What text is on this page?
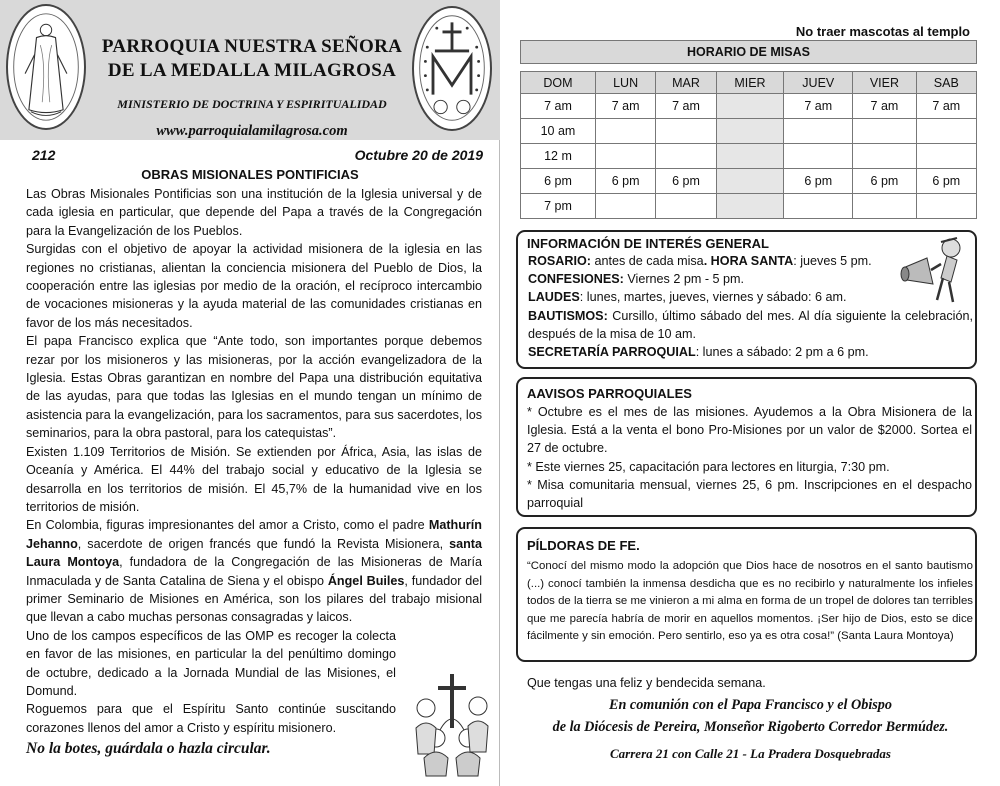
PARROQUIA NUESTRA SEÑORA
DE LA MEDALLA MILAGROSA
MINISTERIO DE DOCTRINA Y ESPIRITUALIDAD
www.parroquialamilagrosa.com
212	Octubre 20 de 2019
OBRAS MISIONALES PONTIFICIAS

Las Obras Misionales Pontificias son una institución de la Iglesia universal y de cada iglesia en particular, que depende del Papa a través de la Congregación para la Evangelización de los Pueblos.

Surgidas con el objetivo de apoyar la actividad misionera de la iglesia en las regiones no cristianas, alientan la conciencia misionera del Pueblo de Dios, la cooperación entre las iglesias por medio de la oración, el recíproco intercambio de vocaciones misioneras y la ayuda material de las comunidades cristianas en favor de los más necesitados.

El papa Francisco explica que “Ante todo, son importantes porque debemos rezar por los misioneros y las misioneras, por la acción evangelizadora de la Iglesia. Estas Obras garantizan en nombre del Papa una distribución equitativa de las ayudas, para que todas las Iglesias en el mundo tengan un mínimo de asistencia para la evangelización, para los sacramentos, para sus sacerdotes, los seminarios, para la obra pastoral, para los catequistas”.

Existen 1.109 Territorios de Misión. Se extienden por África, Asia, las islas de Oceanía y América. El 44% del trabajo social y educativo de la Iglesia se desarrolla en los territorios de misión. El 45,7% de la humanidad vive en los territorios de misión.

En Colombia, figuras impresionantes del amor a Cristo, como el padre Mathurín Jehanno, sacerdote de origen francés que fundó la Revista Misionera, santa Laura Montoya, fundadora de la Congregación de las Misioneras de María Inmaculada y de Santa Catalina de Siena y el obispo Ángel Builes, fundador del primer Seminario de Misiones en América, son los pilares del trabajo misional que llevan a cabo muchas personas consagradas y laicos.

Uno de los campos específicos de las OMP es recoger la colecta en favor de las misiones, en particular la del penúltimo domingo de octubre, dedicado a la Jornada Mundial de las Misiones, el Domund.

Roguemos para que el Espíritu Santo continúe suscitando corazones llenos del amor a Cristo y espíritu misionero.

No la botes, guárdala o hazla circular.
No traer mascotas al templo
HORARIO DE MISAS
DOM	LUN	MAR	MIER	JUEV	VIER	SAB
7 am	7 am	7 am		7 am	7 am	7 am
10 am						
12 m						
6 pm	6 pm	6 pm		6 pm	6 pm	6 pm
7 pm						
INFORMACIÓN DE INTERÉS GENERAL

ROSARIO: antes de cada misa. HORA SANTA: jueves 5 pm.

CONFESIONES: Viernes 2 pm - 5 pm.

LAUDES: lunes, martes, jueves, viernes y sábado: 6 am.

BAUTISMOS: Cursillo, último sábado del mes. Al día siguiente la celebración, después de la misa de 10 am.

SECRETARÍA PARROQUIAL: lunes a sábado: 2 pm a 6 pm.

AAVISOS PARROQUIALES

* Octubre es el mes de las misiones. Ayudemos a la Obra Misionera de la Iglesia. Está a la venta el bono Pro-Misiones por un valor de $2000. Sortea el 27 de octubre.

* Este viernes 25, capacitación para lectores en liturgia, 7:30 pm.

* Misa comunitaria mensual, viernes 25, 6 pm. Inscripciones en el despacho parroquial

PÍLDORAS DE FE.

“Conocí del mismo modo la adopción que Dios hace de nosotros en el santo bautismo (...) conocí también la inmensa desdicha que es no recibirlo y naturalmente los infieles todos de la tierra se me vinieron a mi alma en forma de un tropel de dolores tan terribles que me parecía habría de morir en aquellos momentos. ¡Ser hijo de Dios, esto se dice fácilmente y sin emoción. Pero sentirlo, eso ya es otra cosa!” (Santa Laura Montoya)

Que tengas una feliz y bendecida semana.
En comunión con el Papa Francisco y el Obispo
de la Diócesis de Pereira, Monseñor Rigoberto Corredor Bermúdez.
Carrera 21 con Calle 21 - La Pradera Dosquebradas
